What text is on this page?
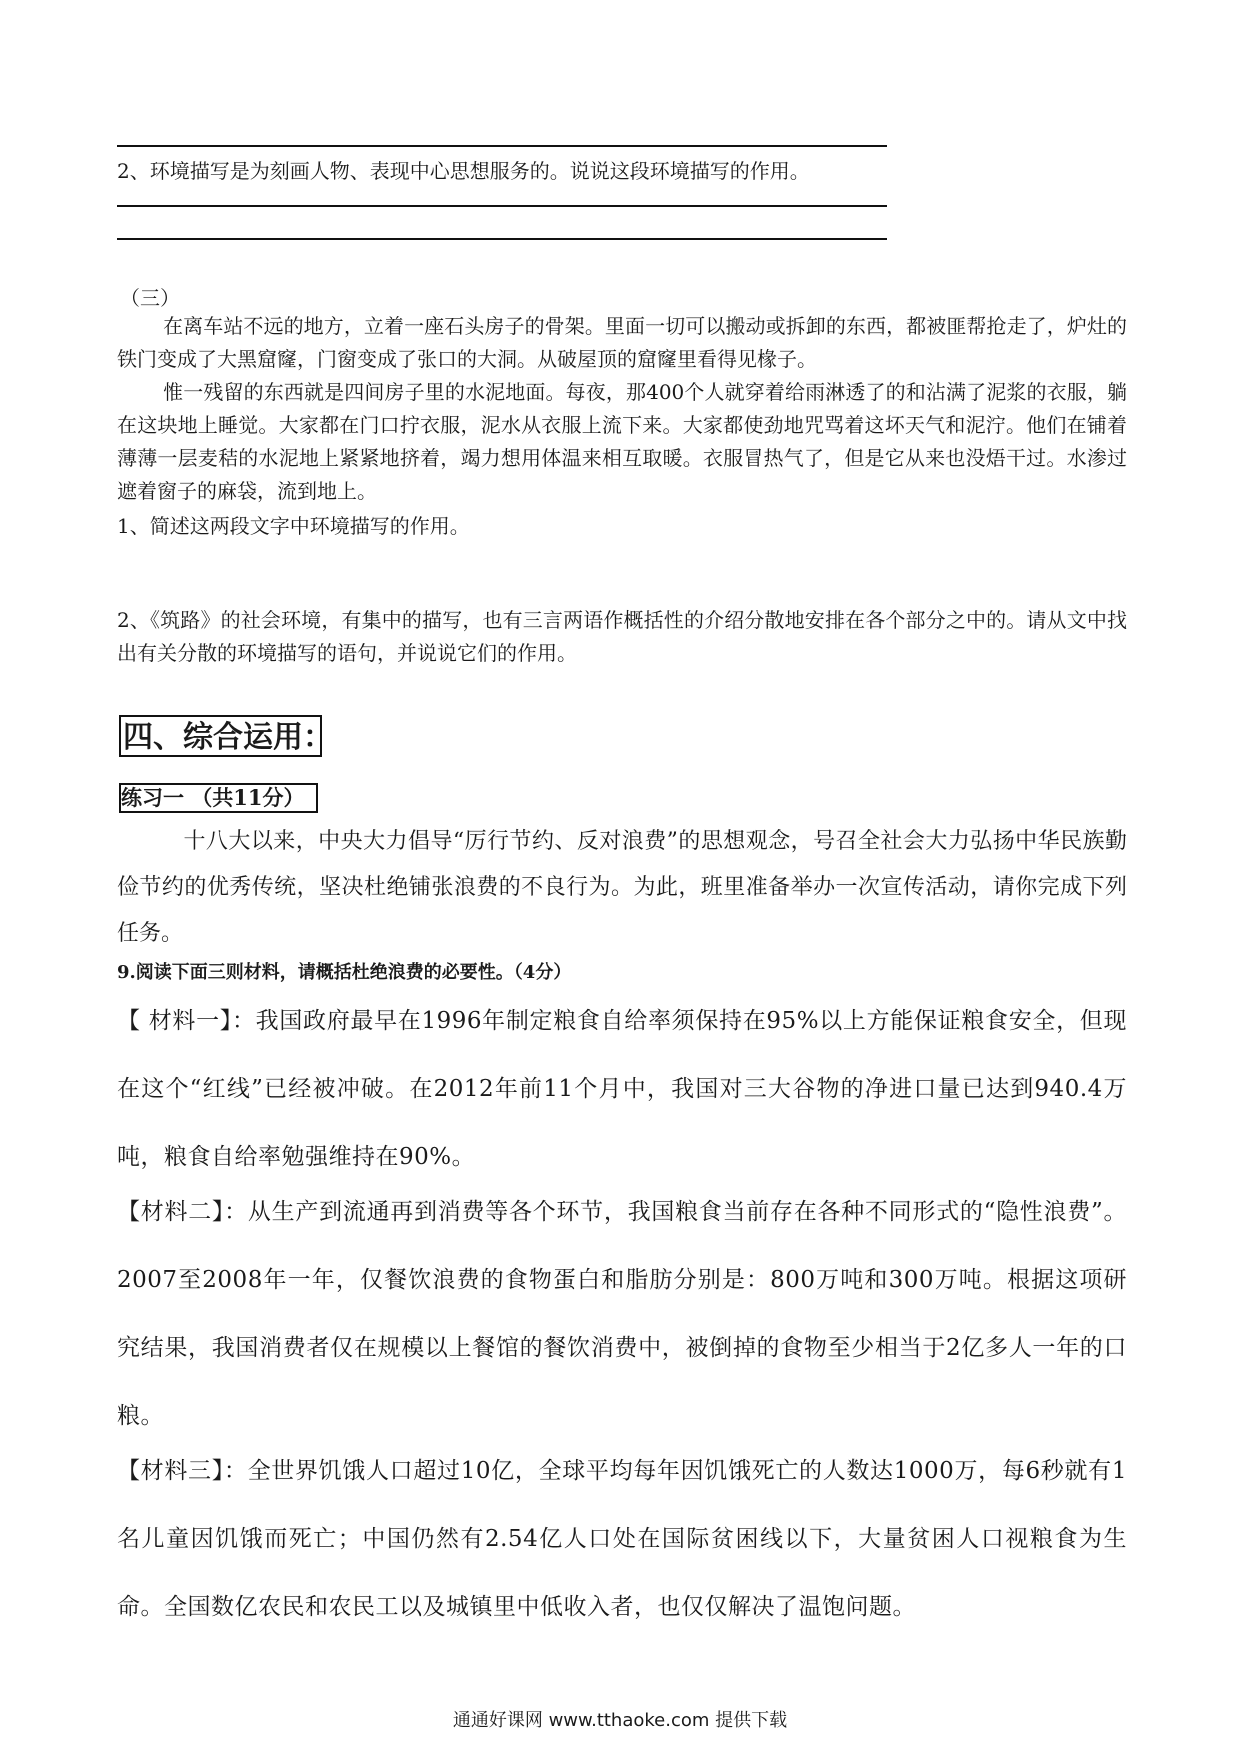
2、环境描写是为刻画人物、表现中心思想服务的。说说这段环境描写的作用。
（三）
在离车站不远的地方，立着一座石头房子的骨架。里面一切可以搬动或拆卸的东西，都被匪帮抢走了，炉灶的铁门变成了大黑窟窿，门窗变成了张口的大洞。从破屋顶的窟窿里看得见椽子。
惟一残留的东西就是四间房子里的水泥地面。每夜，那400个人就穿着给雨淋透了的和沾满了泥浆的衣服，躺在这块地上睡觉。大家都在门口拧衣服，泥水从衣服上流下来。大家都使劲地咒骂着这坏天气和泥泞。他们在铺着薄薄一层麦秸的水泥地上紧紧地挤着，竭力想用体温来相互取暖。衣服冒热气了，但是它从来也没焐干过。水渗过遮着窗子的麻袋，流到地上。
1、简述这两段文字中环境描写的作用。
2、《筑路》的社会环境，有集中的描写，也有三言两语作概括性的介绍分散地安排在各个部分之中的。请从文中找出有关分散的环境描写的语句，并说说它们的作用。
四、综合运用：
练习一 （共11分）
十八大以来，中央大力倡导“厉行节约、反对浪费”的思想观念，号召全社会大力弘扬中华民族勤俭节约的优秀传统，坚决杜绝铺张浪费的不良行为。为此，班里准备举办一次宣传活动，请你完成下列任务。
9.阅读下面三则材料，请概括杜绝浪费的必要性。（4分）
【 材料一】：我国政府最早在1996年制定粮食自给率须保持在95%以上方能保证粮食安全，但现在这个“红线”已经被冲破。在2012年前11个月中，我国对三大谷物的净进口量已达到940.4万吨，粮食自给率勉强维持在90%。
【材料二】：从生产到流通再到消费等各个环节，我国粮食当前存在各种不同形式的“隐性浪费”。2007至2008年一年，仅餐饮浪费的食物蛋白和脂肪分别是：800万吨和300万吨。根据这项研究结果，我国消费者仅在规模以上餐馆的餐饮消费中，被倒掉的食物至少相当于2亿多人一年的口粮。
【材料三】：全世界饥饿人口超过10亿，全球平均每年因饥饿死亡的人数达1000万，每6秒就有1名儿童因饥饿而死亡；中国仍然有2.54亿人口处在国际贫困线以下，大量贫困人口视粮食为生命。全国数亿农民和农民工以及城镇里中低收入者，也仅仅解决了温饱问题。
通通好课网 www.tthaoke.com 提供下载
